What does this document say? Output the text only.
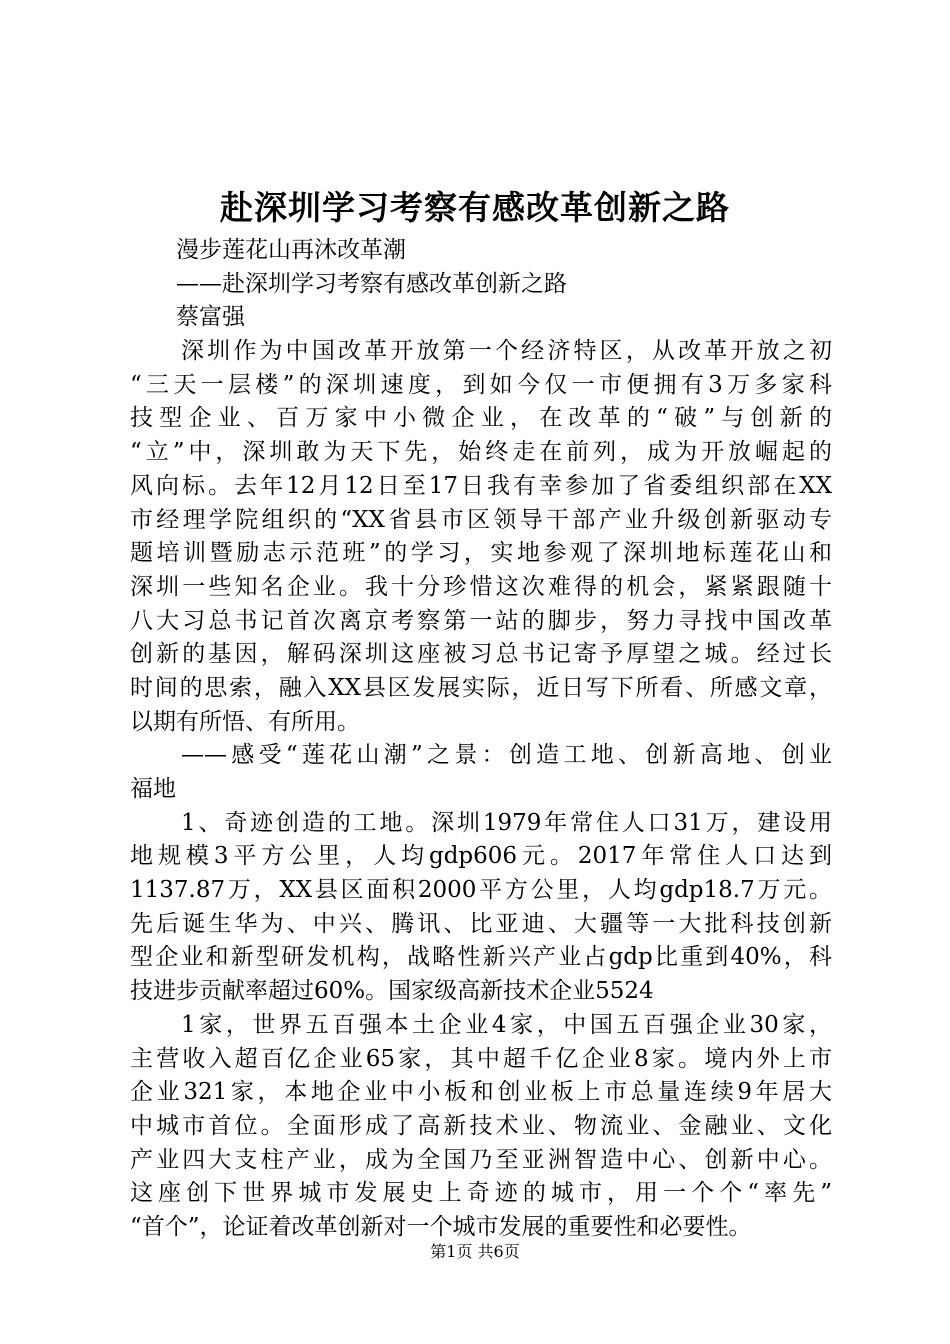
赴深圳学习考察有感改革创新之路
漫步莲花山再沐改革潮
——赴深圳学习考察有感改革创新之路
蔡富强
深圳作为中国改革开放第一个经济特区，从改革开放之初
“三天一层楼”的深圳速度，到如今仅一市便拥有3万多家科
技型企业、百万家中小微企业，在改革的“破”与创新的
“立”中，深圳敢为天下先，始终走在前列，成为开放崛起的
风向标。去年12月12日至17日我有幸参加了省委组织部在XX
市经理学院组织的“XX省县市区领导干部产业升级创新驱动专
题培训暨励志示范班”的学习，实地参观了深圳地标莲花山和
深圳一些知名企业。我十分珍惜这次难得的机会，紧紧跟随十
八大习总书记首次离京考察第一站的脚步，努力寻找中国改革
创新的基因，解码深圳这座被习总书记寄予厚望之城。经过长
时间的思索，融入XX县区发展实际，近日写下所看、所感文章，
以期有所悟、有所用。
——感受“莲花山潮”之景：创造工地、创新高地、创业
福地
1、奇迹创造的工地。深圳1979年常住人口31万，建设用
地规模3平方公里，人均gdp606元。2017年常住人口达到
1137.87万，XX县区面积2000平方公里，人均gdp18.7万元。
先后诞生华为、中兴、腾讯、比亚迪、大疆等一大批科技创新
型企业和新型研发机构，战略性新兴产业占gdp比重到40%，科
技进步贡献率超过60%。国家级高新技术企业5524
1家，世界五百强本土企业4家，中国五百强企业30家，
主营收入超百亿企业65家，其中超千亿企业8家。境内外上市
企业321家，本地企业中小板和创业板上市总量连续9年居大
中城市首位。全面形成了高新技术业、物流业、金融业、文化
产业四大支柱产业，成为全国乃至亚洲智造中心、创新中心。
这座创下世界城市发展史上奇迹的城市，用一个个“率先”
“首个”，论证着改革创新对一个城市发展的重要性和必要性。
第1页 共6页
